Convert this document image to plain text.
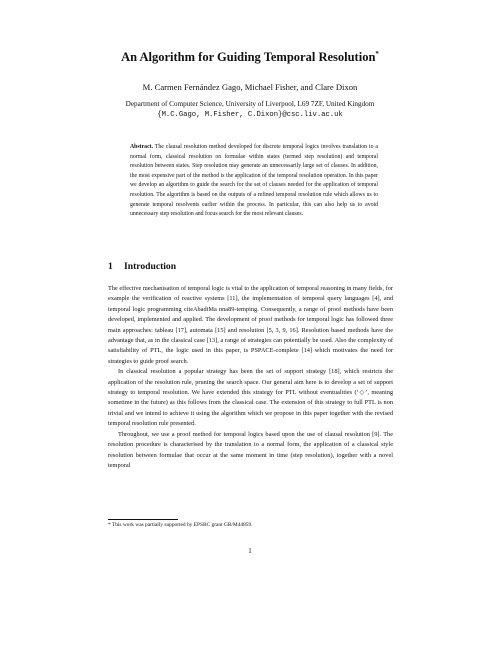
An Algorithm for Guiding Temporal Resolution*
M. Carmen Fernández Gago, Michael Fisher, and Clare Dixon
Department of Computer Science, University of Liverpool, L69 7ZF, United Kingdom
{M.C.Gago, M.Fisher, C.Dixon}@csc.liv.ac.uk
Abstract. The clausal resolution method developed for discrete temporal logics involves translation to a normal form, classical resolution on formulae within states (termed step resolution) and temporal resolution between states. Step resolution may generate an unnecessarily large set of clauses. In addition, the most expensive part of the method is the application of the temporal resolution operation. In this paper we develop an algorithm to guide the search for the set of clauses needed for the application of temporal resolution. The algorithm is based on the outputs of a refined temporal resolution rule which allows us to generate temporal resolvents earlier within the process. In particular, this can also help us to avoid unnecessary step resolution and focus search for the most relevant clauses.
1 Introduction

The effective mechanisation of temporal logic is vital to the application of temporal reasoning in many fields, for example the verification of reactive systems [11], the implementation of temporal query languages [4], and temporal logic programming citeAbadiMa nna89-temping. Consequently, a range of proof methods have been developed, implemented and applied. The development of proof methods for temporal logic has followed three main approaches: tableau [17], automata [15] and resolution [5, 3, 9, 16]. Resolution based methods have the advantage that, as in the classical case [13], a range of strategies can potentially be used. Also the complexity of satisfiability of PTL, the logic used in this paper, is PSPACE-complete [14] which motivates the need for strategies to guide proof search.

In classical resolution a popular strategy has been the set of support strategy [18], which restricts the application of the resolution rule, pruning the search space. Our general aim here is to develop a set of support strategy to temporal resolution. We have extended this strategy for PTL without eventualities (‘◇’, meaning sometime in the future) as this follows from the classical case. The extension of this strategy to full PTL is non trivial and we intend to achieve it using the algorithm which we propose in this paper together with the revised temporal resolution rule presented.

Throughout, we use a proof method for temporal logics based upon the use of clausal resolution [9]. The resolution procedure is characterised by the translation to a normal form, the application of a classical style resolution between formulae that occur at the same moment in time (step resolution), together with a novel temporal

* This work was partially supported by EPSRC grant GR/M44859.
1
